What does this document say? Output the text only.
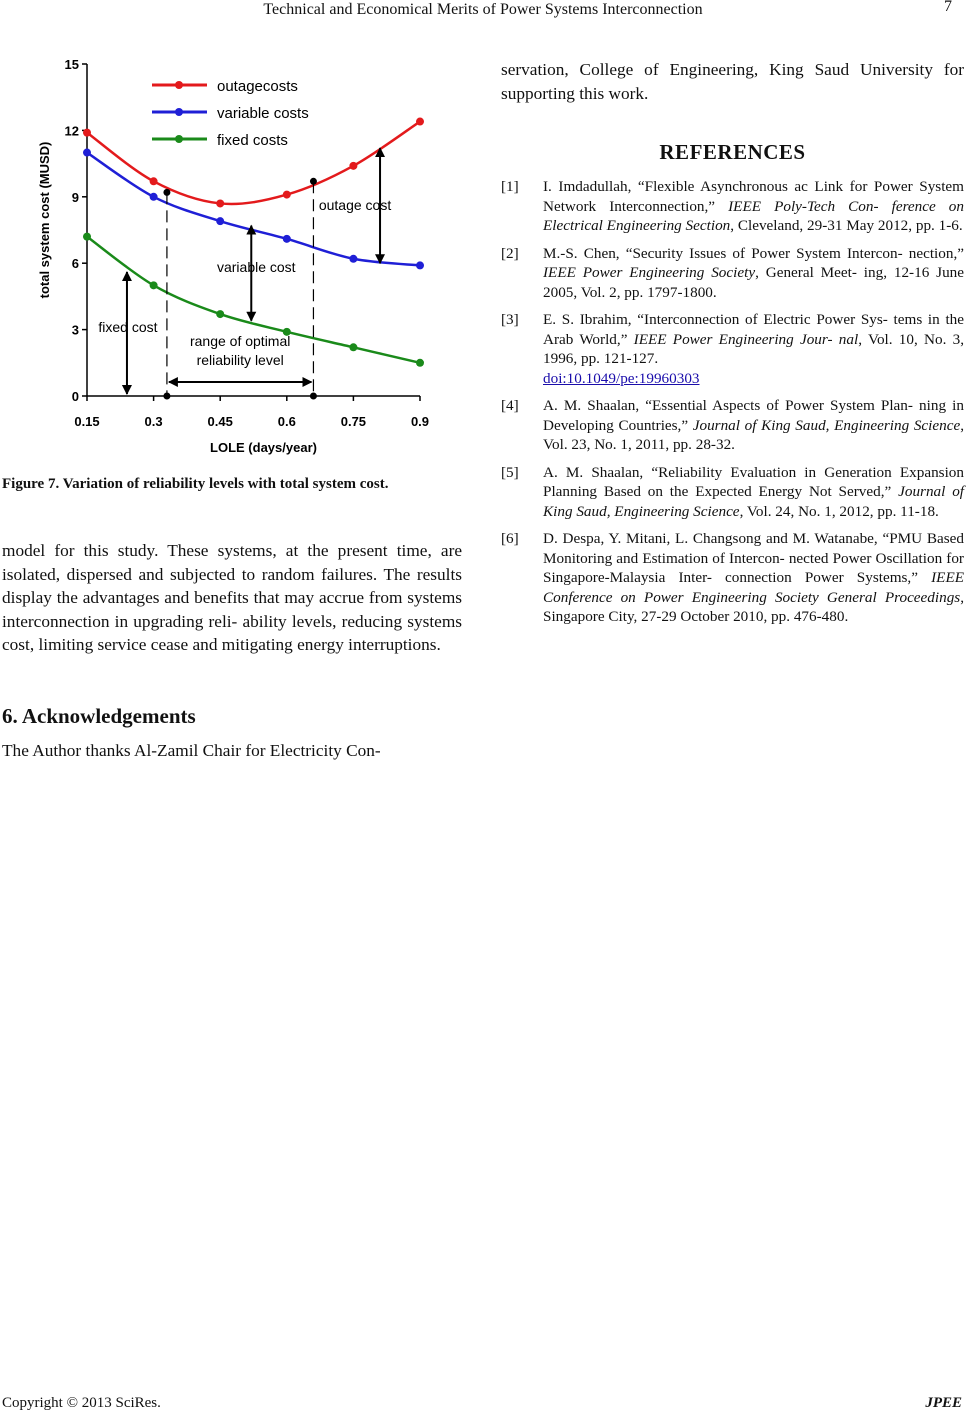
Technical and Economical Merits of Power Systems Interconnection	7
0
3
6
9
12
15
0.15	0.3	0.45	0.6	0.75	0.9
LOLE (days/year)
total system cost (MUSD)
outagecosts
variable costs
fixed costs
range of optimal
reliability level
outage cost
variable cost
fixed cost
Figure 7. Variation of reliability levels with total system cost.
model for this study. These systems, at the present time, are isolated, dispersed and subjected to random failures. The results display the advantages and benefits that may accrue from systems interconnection in upgrading reli- ability levels, reducing systems cost, limiting service cease and mitigating energy interruptions.
6. Acknowledgements
The Author thanks Al-Zamil Chair for Electricity Con-
servation, College of Engineering, King Saud University for supporting this work.
REFERENCES
[1]	I. Imdadullah, “Flexible Asynchronous ac Link for Power System Network Interconnection,” IEEE Poly-Tech Con- ference on Electrical Engineering Section, Cleveland, 29-31 May 2012, pp. 1-6.
[2]	M.-S. Chen, “Security Issues of Power System Intercon- nection,” IEEE Power Engineering Society, General Meet- ing, 12-16 June 2005, Vol. 2, pp. 1797-1800.
[3]	E. S. Ibrahim, “Interconnection of Electric Power Sys- tems in the Arab World,” IEEE Power Engineering Jour- nal, Vol. 10, No. 3, 1996, pp. 121-127.
doi:10.1049/pe:19960303
[4]	A. M. Shaalan, “Essential Aspects of Power System Plan- ning in Developing Countries,” Journal of King Saud, Engineering Science, Vol. 23, No. 1, 2011, pp. 28-32.
[5]	A. M. Shaalan, “Reliability Evaluation in Generation Expansion Planning Based on the Expected Energy Not Served,” Journal of King Saud, Engineering Science, Vol. 24, No. 1, 2012, pp. 11-18.
[6]	D. Despa, Y. Mitani, L. Changsong and M. Watanabe, “PMU Based Monitoring and Estimation of Intercon- nected Power Oscillation for Singapore-Malaysia Inter- connection Power Systems,” IEEE Conference on Power Engineering Society General Proceedings, Singapore City, 27-29 October 2010, pp. 476-480.
Copyright © 2013 SciRes.	JPEE
